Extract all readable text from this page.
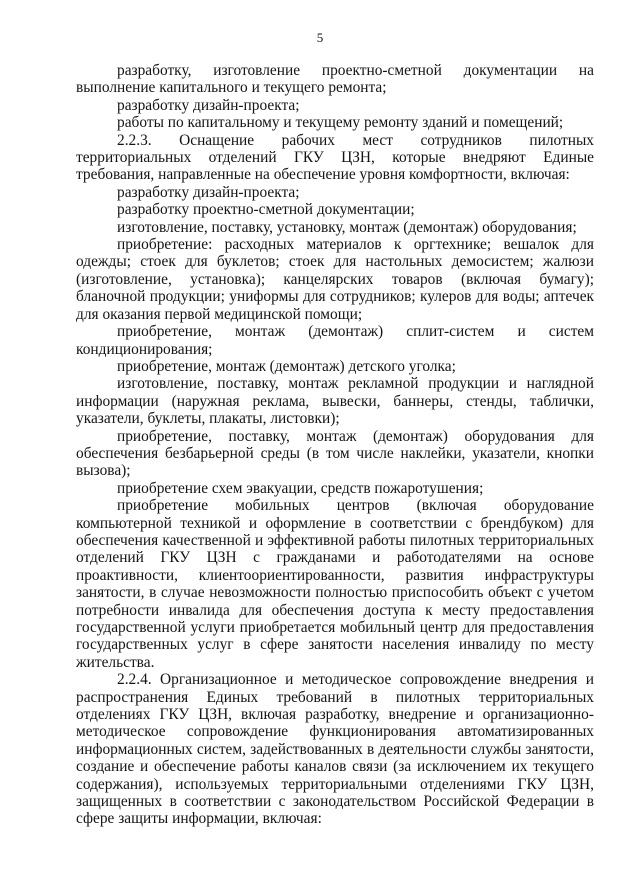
5

разработку, изготовление проектно-сметной документации на выполнение капитального и текущего ремонта;

разработку дизайн-проекта;

работы по капитальному и текущему ремонту зданий и помещений;

2.2.3. Оснащение рабочих мест сотрудников пилотных территориальных отделений ГКУ ЦЗН, которые внедряют Единые требования, направленные на обеспечение уровня комфортности, включая:

разработку дизайн-проекта;

разработку проектно-сметной документации;

изготовление, поставку, установку, монтаж (демонтаж) оборудования;

приобретение: расходных материалов к оргтехнике; вешалок для одежды; стоек для буклетов; стоек для настольных демосистем; жалюзи (изготовление, установка); канцелярских товаров (включая бумагу); бланочной продукции; униформы для сотрудников; кулеров для воды; аптечек для оказания первой медицинской помощи;

приобретение, монтаж (демонтаж) сплит-систем и систем кондиционирования;

приобретение, монтаж (демонтаж) детского уголка;

изготовление, поставку, монтаж рекламной продукции и наглядной информации (наружная реклама, вывески, баннеры, стенды, таблички, указатели, буклеты, плакаты, листовки);

приобретение, поставку, монтаж (демонтаж) оборудования для обеспечения безбарьерной среды (в том числе наклейки, указатели, кнопки вызова);

приобретение схем эвакуации, средств пожаротушения;

приобретение мобильных центров (включая оборудование компьютерной техникой и оформление в соответствии с брендбуком) для обеспечения качественной и эффективной работы пилотных территориальных отделений ГКУ ЦЗН с гражданами и работодателями на основе проактивности, клиентоориентированности, развития инфраструктуры занятости, в случае невозможности полностью приспособить объект с учетом потребности инвалида для обеспечения доступа к месту предоставления государственной услуги приобретается мобильный центр для предоставления государственных услуг в сфере занятости населения инвалиду по месту жительства.

2.2.4. Организационное и методическое сопровождение внедрения и распространения Единых требований в пилотных территориальных отделениях ГКУ ЦЗН, включая разработку, внедрение и организационно-методическое сопровождение функционирования автоматизированных информационных систем, задействованных в деятельности службы занятости, создание и обеспечение работы каналов связи (за исключением их текущего содержания), используемых территориальными отделениями ГКУ ЦЗН, защищенных в соответствии с законодательством Российской Федерации в сфере защиты информации, включая:
